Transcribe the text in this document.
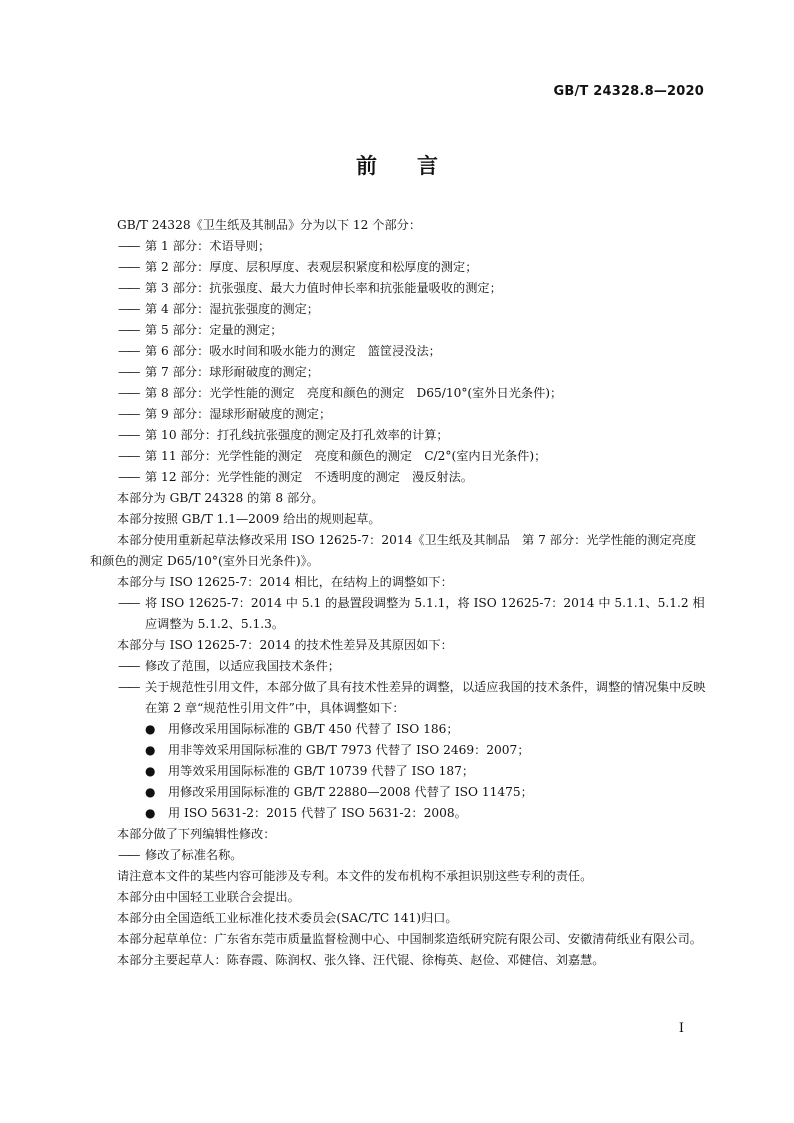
GB/T 24328.8—2020
前言

GB/T 24328《卫生纸及其制品》分为以下 12 个部分：

—— 第 1 部分：术语导则；

—— 第 2 部分：厚度、层积厚度、表观层积紧度和松厚度的测定；

—— 第 3 部分：抗张强度、最大力值时伸长率和抗张能量吸收的测定；

—— 第 4 部分：湿抗张强度的测定；

—— 第 5 部分：定量的测定；

—— 第 6 部分：吸水时间和吸水能力的测定　篮筐浸没法；

—— 第 7 部分：球形耐破度的测定；

—— 第 8 部分：光学性能的测定　亮度和颜色的测定　D65/10°(室外日光条件)；

—— 第 9 部分：湿球形耐破度的测定；

—— 第 10 部分：打孔线抗张强度的测定及打孔效率的计算；

—— 第 11 部分：光学性能的测定　亮度和颜色的测定　C/2°(室内日光条件)；

—— 第 12 部分：光学性能的测定　不透明度的测定　漫反射法。

本部分为 GB/T 24328 的第 8 部分。

本部分按照 GB/T 1.1—2009 给出的规则起草。

本部分使用重新起草法修改采用 ISO 12625-7：2014《卫生纸及其制品　第 7 部分：光学性能的测定亮度和颜色的测定 D65/10°(室外日光条件)》。

本部分与 ISO 12625-7：2014 相比，在结构上的调整如下：

—— 将 ISO 12625-7：2014 中 5.1 的悬置段调整为 5.1.1，将 ISO 12625-7：2014 中 5.1.1、5.1.2 相应调整为 5.1.2、5.1.3。

本部分与 ISO 12625-7：2014 的技术性差异及其原因如下：

—— 修改了范围，以适应我国技术条件；

—— 关于规范性引用文件，本部分做了具有技术性差异的调整，以适应我国的技术条件，调整的情况集中反映在第 2 章“规范性引用文件”中，具体调整如下：

● 用修改采用国际标准的 GB/T 450 代替了 ISO 186；

● 用非等效采用国际标准的 GB/T 7973 代替了 ISO 2469：2007；

● 用等效采用国际标准的 GB/T 10739 代替了 ISO 187；

● 用修改采用国际标准的 GB/T 22880—2008 代替了 ISO 11475；

● 用 ISO 5631-2：2015 代替了 ISO 5631-2：2008。

本部分做了下列编辑性修改：

—— 修改了标准名称。

请注意本文件的某些内容可能涉及专利。本文件的发布机构不承担识别这些专利的责任。

本部分由中国轻工业联合会提出。

本部分由全国造纸工业标准化技术委员会(SAC/TC 141)归口。

本部分起草单位：广东省东莞市质量监督检测中心、中国制浆造纸研究院有限公司、安徽清荷纸业有限公司。

本部分主要起草人：陈春霞、陈润权、张久锋、汪代锟、徐梅英、赵俭、邓健信、刘嘉慧。

I
